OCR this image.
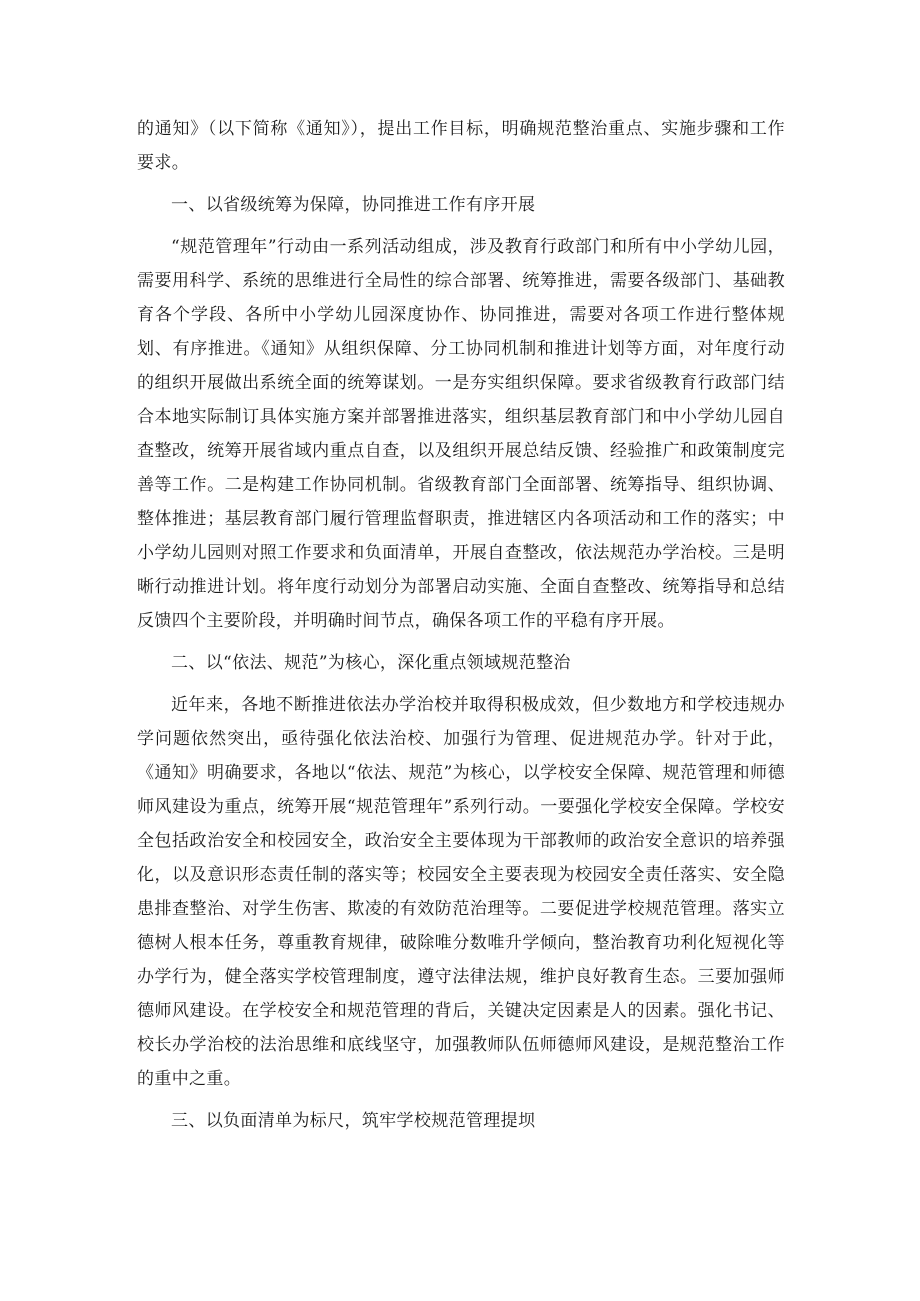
的通知》（以下简称《通知》），提出工作目标，明确规范整治重点、实施步骤和工作要求。

一、以省级统筹为保障，协同推进工作有序开展

“规范管理年”行动由一系列活动组成，涉及教育行政部门和所有中小学幼儿园，需要用科学、系统的思维进行全局性的综合部署、统筹推进，需要各级部门、基础教育各个学段、各所中小学幼儿园深度协作、协同推进，需要对各项工作进行整体规划、有序推进。《通知》从组织保障、分工协同机制和推进计划等方面，对年度行动的组织开展做出系统全面的统筹谋划。一是夯实组织保障。要求省级教育行政部门结合本地实际制订具体实施方案并部署推进落实，组织基层教育部门和中小学幼儿园自查整改，统筹开展省域内重点自查，以及组织开展总结反馈、经验推广和政策制度完善等工作。二是构建工作协同机制。省级教育部门全面部署、统筹指导、组织协调、整体推进；基层教育部门履行管理监督职责，推进辖区内各项活动和工作的落实；中小学幼儿园则对照工作要求和负面清单，开展自查整改，依法规范办学治校。三是明晰行动推进计划。将年度行动划分为部署启动实施、全面自查整改、统筹指导和总结反馈四个主要阶段，并明确时间节点，确保各项工作的平稳有序开展。

二、以“依法、规范”为核心，深化重点领域规范整治

近年来，各地不断推进依法办学治校并取得积极成效，但少数地方和学校违规办学问题依然突出，亟待强化依法治校、加强行为管理、促进规范办学。针对于此，《通知》明确要求，各地以“依法、规范”为核心，以学校安全保障、规范管理和师德师风建设为重点，统筹开展“规范管理年”系列行动。一要强化学校安全保障。学校安全包括政治安全和校园安全，政治安全主要体现为干部教师的政治安全意识的培养强化，以及意识形态责任制的落实等；校园安全主要表现为校园安全责任落实、安全隐患排查整治、对学生伤害、欺凌的有效防范治理等。二要促进学校规范管理。落实立德树人根本任务，尊重教育规律，破除唯分数唯升学倾向，整治教育功利化短视化等办学行为，健全落实学校管理制度，遵守法律法规，维护良好教育生态。三要加强师德师风建设。在学校安全和规范管理的背后，关键决定因素是人的因素。强化书记、校长办学治校的法治思维和底线坚守，加强教师队伍师德师风建设，是规范整治工作的重中之重。

三、以负面清单为标尺，筑牢学校规范管理提坝
